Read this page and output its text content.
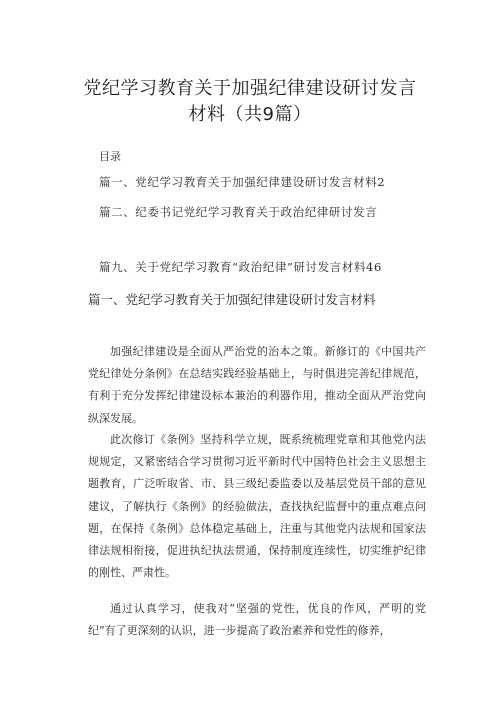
党纪学习教育关于加强纪律建设研讨发言
材料（共9篇）
目录
篇一、党纪学习教育关于加强纪律建设研讨发言材料2
篇二、纪委书记党纪学习教育关于政治纪律研讨发言
篇九、关于党纪学习教育“政治纪律”研讨发言材料46
篇一、党纪学习教育关于加强纪律建设研讨发言材料

加强纪律建设是全面从严治党的治本之策。新修订的《中国共产党纪律处分条例》在总结实践经验基础上，与时俱进完善纪律规范，有利于充分发挥纪律建设标本兼治的利器作用，推动全面从严治党向纵深发展。

此次修订《条例》坚持科学立规，既系统梳理党章和其他党内法规规定，又紧密结合学习贯彻习近平新时代中国特色社会主义思想主题教育，广泛听取省、市、县三级纪委监委以及基层党员干部的意见建议，了解执行《条例》的经验做法，查找执纪监督中的重点难点问题，在保持《条例》总体稳定基础上，注重与其他党内法规和国家法律法规相衔接，促进执纪执法贯通，保持制度连续性，切实维护纪律的刚性、严肃性。

通过认真学习，使我对“坚强的党性，优良的作风，严明的党纪”有了更深刻的认识，进一步提高了政治素养和党性的修养，
